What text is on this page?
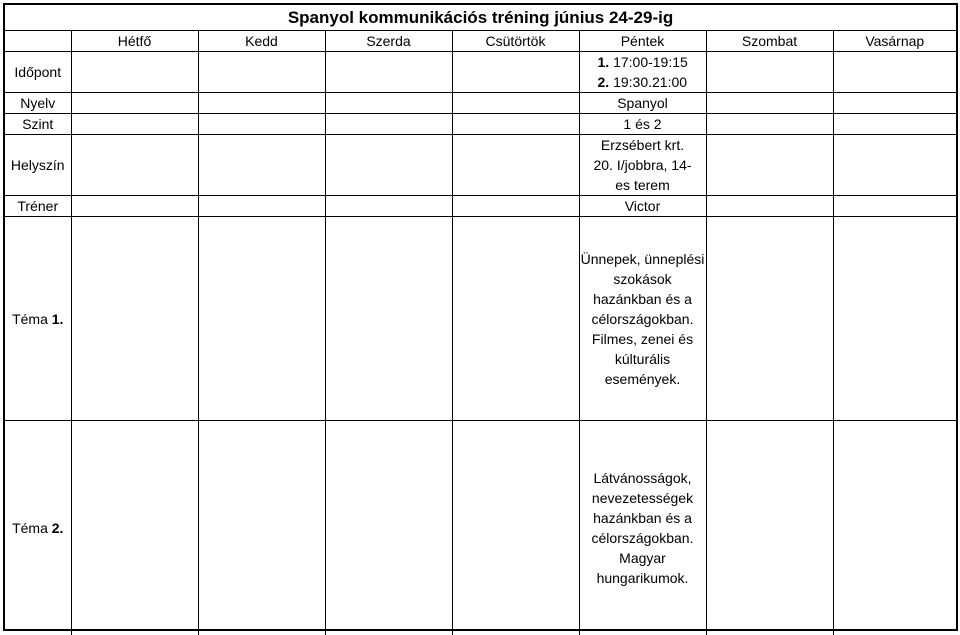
Spanyol kommunikációs tréning június 24-29-ig							
	Hétfő	Kedd	Szerda	Csütörtök	Péntek	Szombat	Vasárnap
Időpont					1. 17:00-19:15
2. 19:30.21:00		

Nyelv					Spanyol		
Szint					1 és 2		
Helyszín					Erzsébert krt. 20. I/jobbra, 14-es terem		
Tréner					Victor		
Téma 1.					Ünnepek, ünneplési szokások hazánkban és a célországokban. Filmes, zenei és kúlturális események.		
Téma 2.					Látvánosságok, nevezetességek hazánkban és a célországokban. Magyar hungarikumok.		
